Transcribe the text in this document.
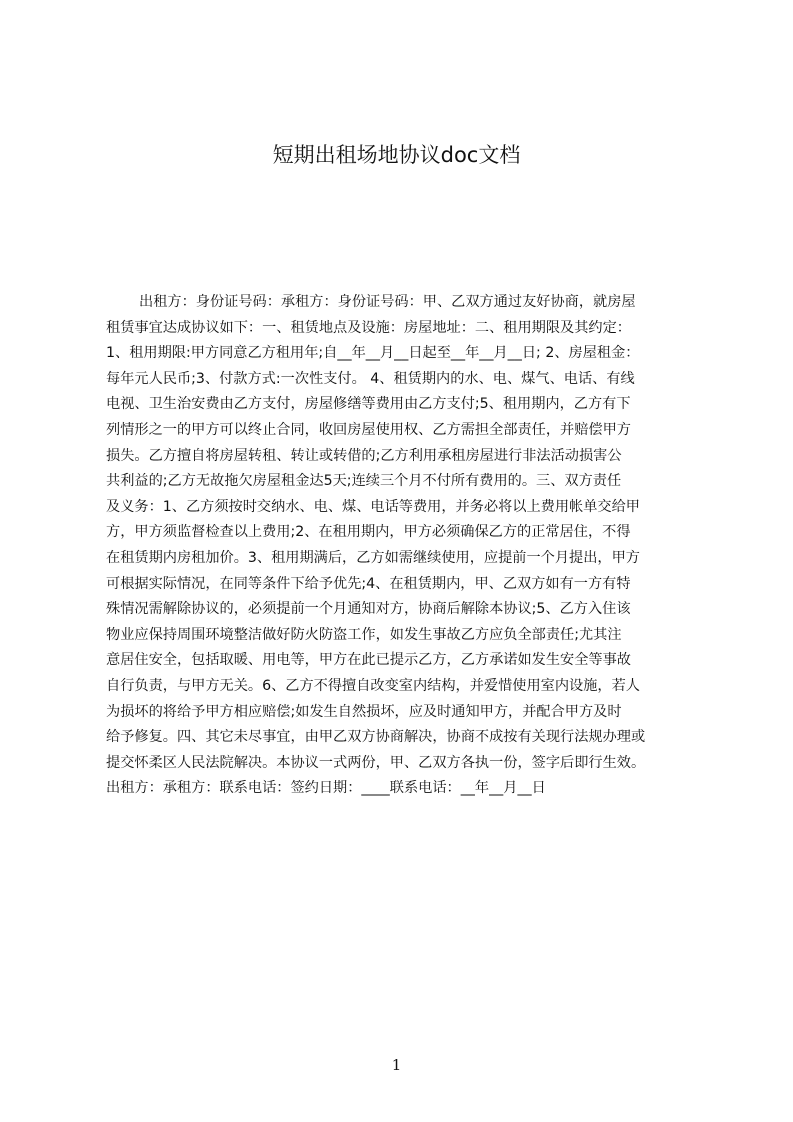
短期出租场地协议doc文档
出租方：身份证号码：承租方：身份证号码：甲、乙双方通过友好协商，就房屋
租赁事宜达成协议如下：一、租赁地点及设施：房屋地址：二、租用期限及其约定：
1、租用期限:甲方同意乙方租用年;自__年__月__日起至__年__月__日; 2、房屋租金：
每年元人民币;3、付款方式:一次性支付。 4、租赁期内的水、电、煤气、电话、有线
电视、卫生治安费由乙方支付，房屋修缮等费用由乙方支付;5、租用期内，乙方有下
列情形之一的甲方可以终止合同，收回房屋使用权、乙方需担全部责任，并赔偿甲方
损失。乙方擅自将房屋转租、转让或转借的;乙方利用承租房屋进行非法活动损害公
共利益的;乙方无故拖欠房屋租金达5天;连续三个月不付所有费用的。三、双方责任
及义务：1、乙方须按时交纳水、电、煤、电话等费用，并务必将以上费用帐单交给甲
方，甲方须监督检查以上费用;2、在租用期内，甲方必须确保乙方的正常居住，不得
在租赁期内房租加价。3、租用期满后，乙方如需继续使用，应提前一个月提出，甲方
可根据实际情况，在同等条件下给予优先;4、在租赁期内，甲、乙双方如有一方有特
殊情况需解除协议的，必须提前一个月通知对方，协商后解除本协议;5、乙方入住该
物业应保持周围环境整洁做好防火防盗工作，如发生事故乙方应负全部责任;尤其注
意居住安全，包括取暖、用电等，甲方在此已提示乙方，乙方承诺如发生安全等事故
自行负责，与甲方无关。6、乙方不得擅自改变室内结构，并爱惜使用室内设施，若人
为损坏的将给予甲方相应赔偿;如发生自然损坏，应及时通知甲方，并配合甲方及时
给予修复。四、其它未尽事宜，由甲乙双方协商解决，协商不成按有关现行法规办理或
提交怀柔区人民法院解决。本协议一式两份，甲、乙双方各执一份，签字后即行生效。
出租方：承租方：联系电话：签约日期：____联系电话：__年__月__日
1
